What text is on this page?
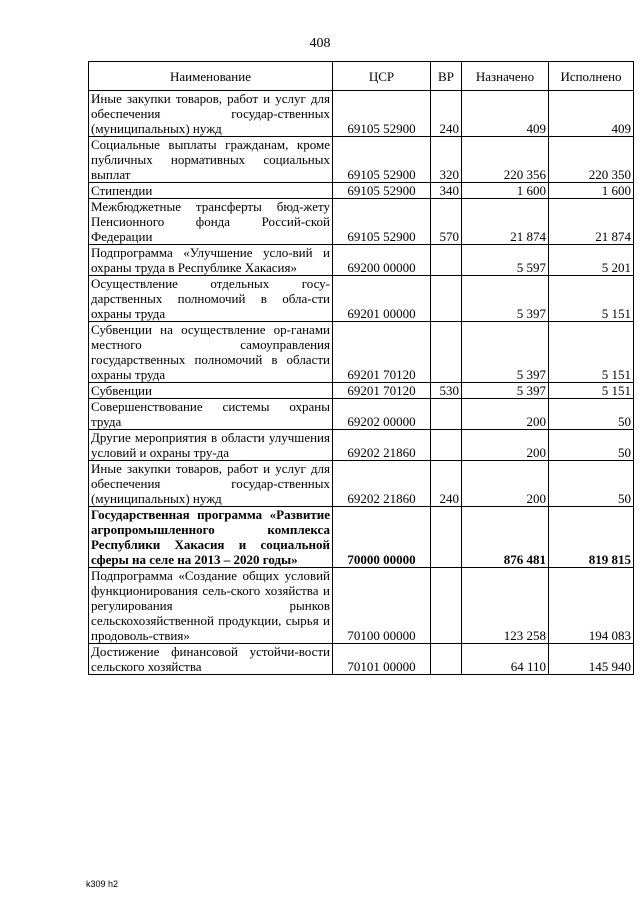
408
Наименование	ЦСР	ВР	Назначено	Исполнено
Иные закупки товаров, работ и услуг для обеспечения государ-ственных (муниципальных) нужд	69105 52900	240	409	409
Социальные выплаты гражданам, кроме публичных нормативных социальных выплат	69105 52900	320	220 356	220 350
Стипендии	69105 52900	340	1 600	1 600
Межбюджетные трансферты бюд-жету Пенсионного фонда Россий-ской Федерации	69105 52900	570	21 874	21 874
Подпрограмма «Улучшение усло-вий и охраны труда в Республике Хакасия»	69200 00000		5 597	5 201
Осуществление отдельных госу-дарственных полномочий в обла-сти охраны труда	69201 00000		5 397	5 151
Субвенции на осуществление ор-ганами местного самоуправления государственных полномочий в области охраны труда	69201 70120		5 397	5 151
Субвенции	69201 70120	530	5 397	5 151
Совершенствование системы охраны труда	69202 00000		200	50
Другие мероприятия в области улучшения условий и охраны тру-да	69202 21860		200	50
Иные закупки товаров, работ и услуг для обеспечения государ-ственных (муниципальных) нужд	69202 21860	240	200	50
Государственная программа «Развитие агропромышленного комплекса Республики Хакасия и социальной сферы на селе на 2013 – 2020 годы»	70000 00000		876 481	819 815
Подпрограмма «Создание общих условий функционирования сель-ского хозяйства и регулирования рынков сельскохозяйственной продукции, сырья и продоволь-ствия»	70100 00000		123 258	194 083
Достижение финансовой устойчи-вости сельского хозяйства	70101 00000		64 110	145 940
k309 h2
